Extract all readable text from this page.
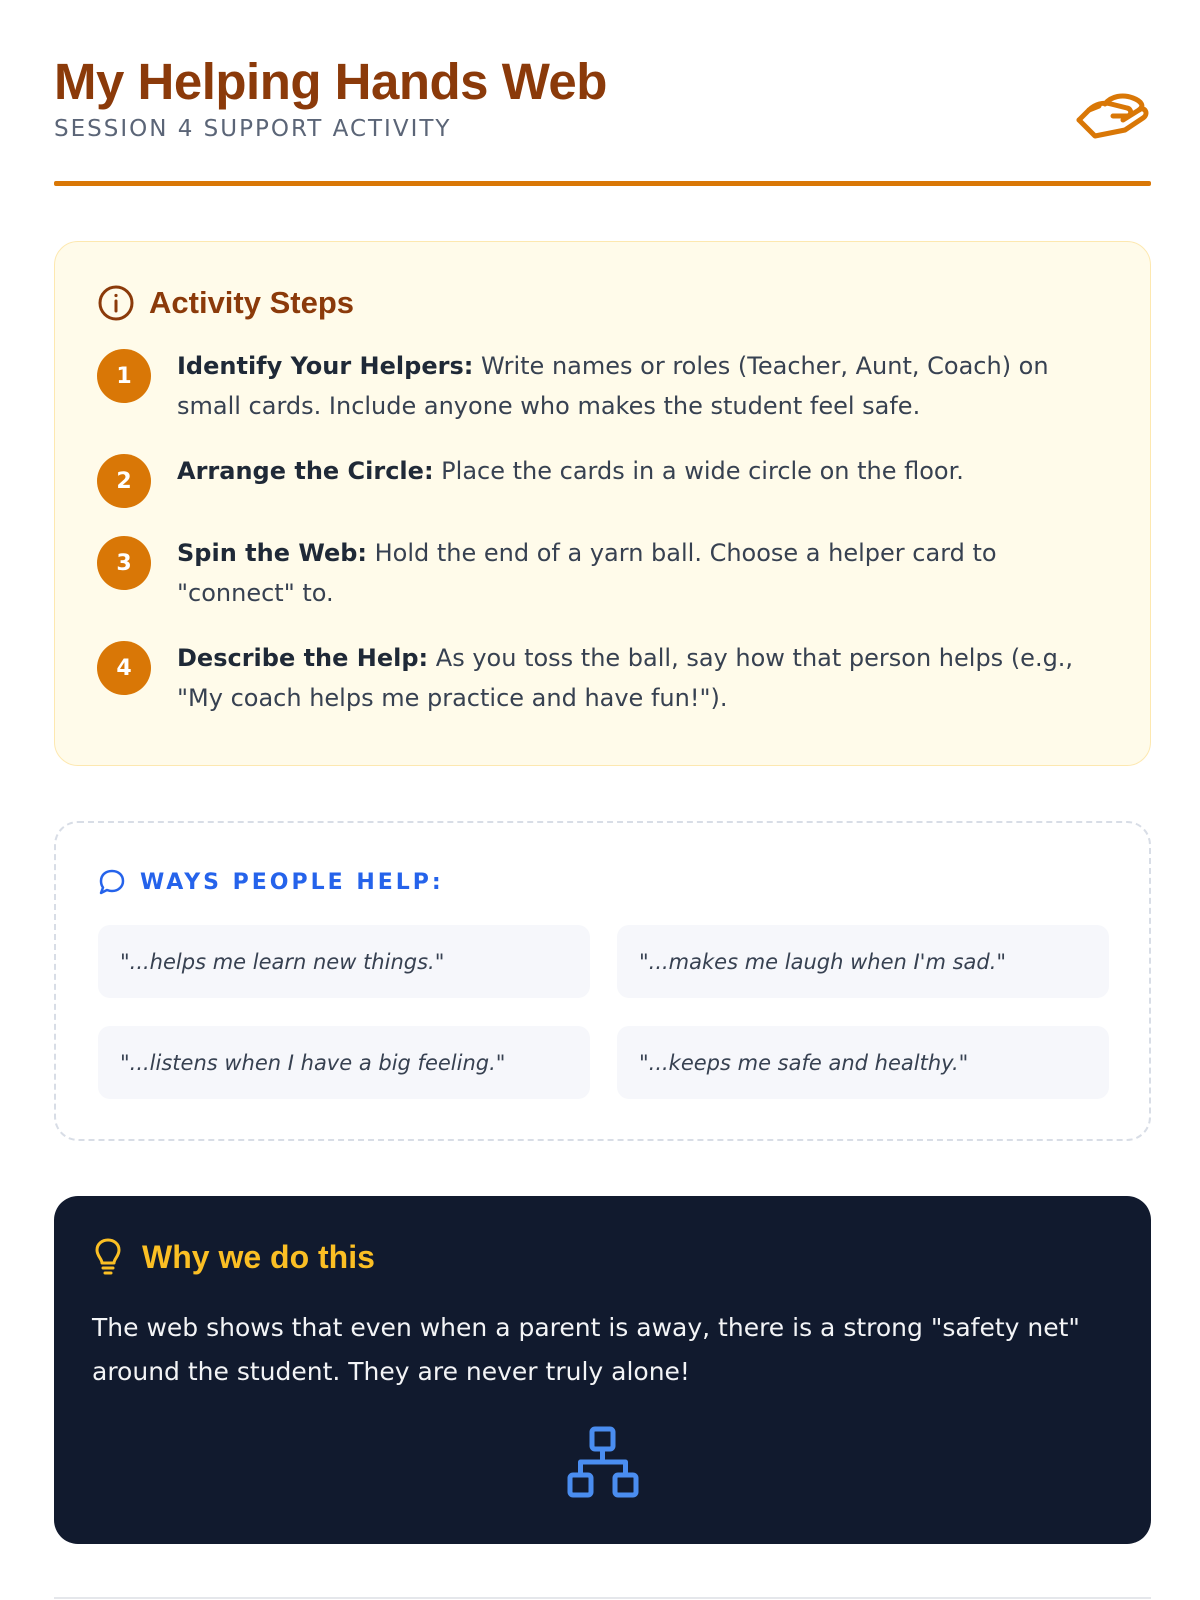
My Helping Hands Web
SESSION 4 SUPPORT ACTIVITY
Activity Steps
1	Identify Your Helpers: Write names or roles (Teacher, Aunt, Coach) on small cards. Include anyone who makes the student feel safe.

2	Arrange the Circle: Place the cards in a wide circle on the floor.

3	Spin the Web: Hold the end of a yarn ball. Choose a helper card to "connect" to.

4	Describe the Help: As you toss the ball, say how that person helps (e.g., "My coach helps me practice and have fun!").

WAYS PEOPLE HELP:
"...helps me learn new things."	"...makes me laugh when I'm sad."
"...listens when I have a big feeling."	"...keeps me safe and healthy."
Why we do this

The web shows that even when a parent is away, there is a strong "safety net" around the student. They are never truly alone!
